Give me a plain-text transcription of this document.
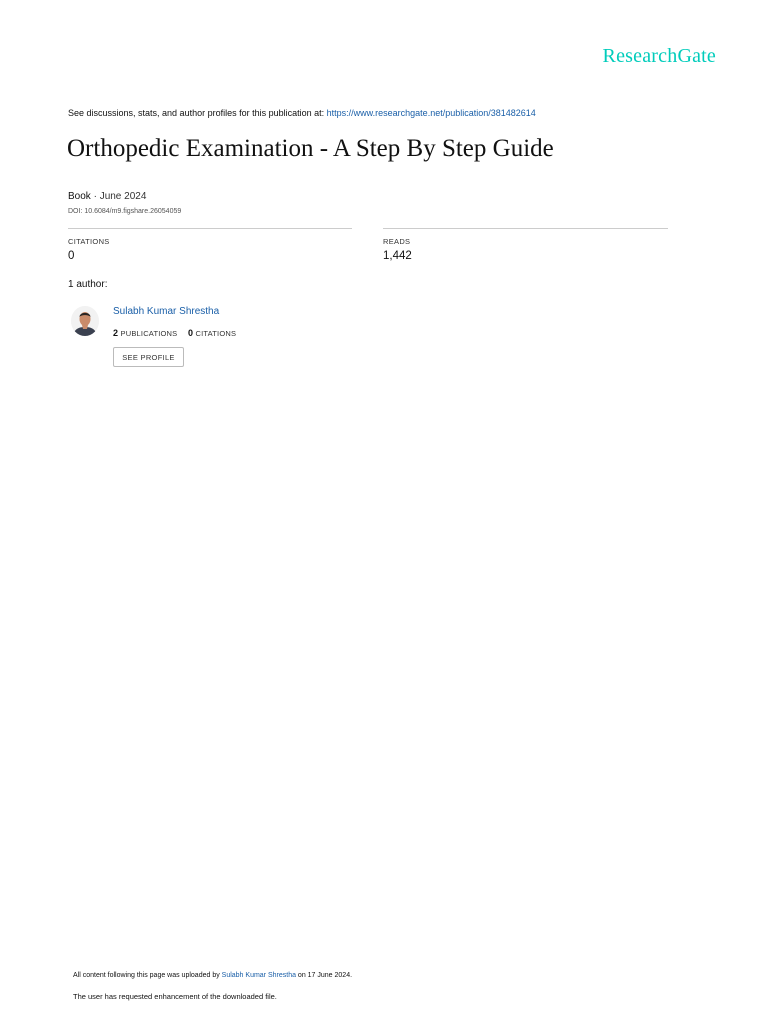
ResearchGate
See discussions, stats, and author profiles for this publication at: https://www.researchgate.net/publication/381482614
Orthopedic Examination - A Step By Step Guide
Book · June 2024
DOI: 10.6084/m9.figshare.26054059
CITATIONS
0
READS
1,442
1 author:
Sulabh Kumar Shrestha
2 PUBLICATIONS 0 CITATIONS
SEE PROFILE
All content following this page was uploaded by Sulabh Kumar Shrestha on 17 June 2024.
The user has requested enhancement of the downloaded file.
